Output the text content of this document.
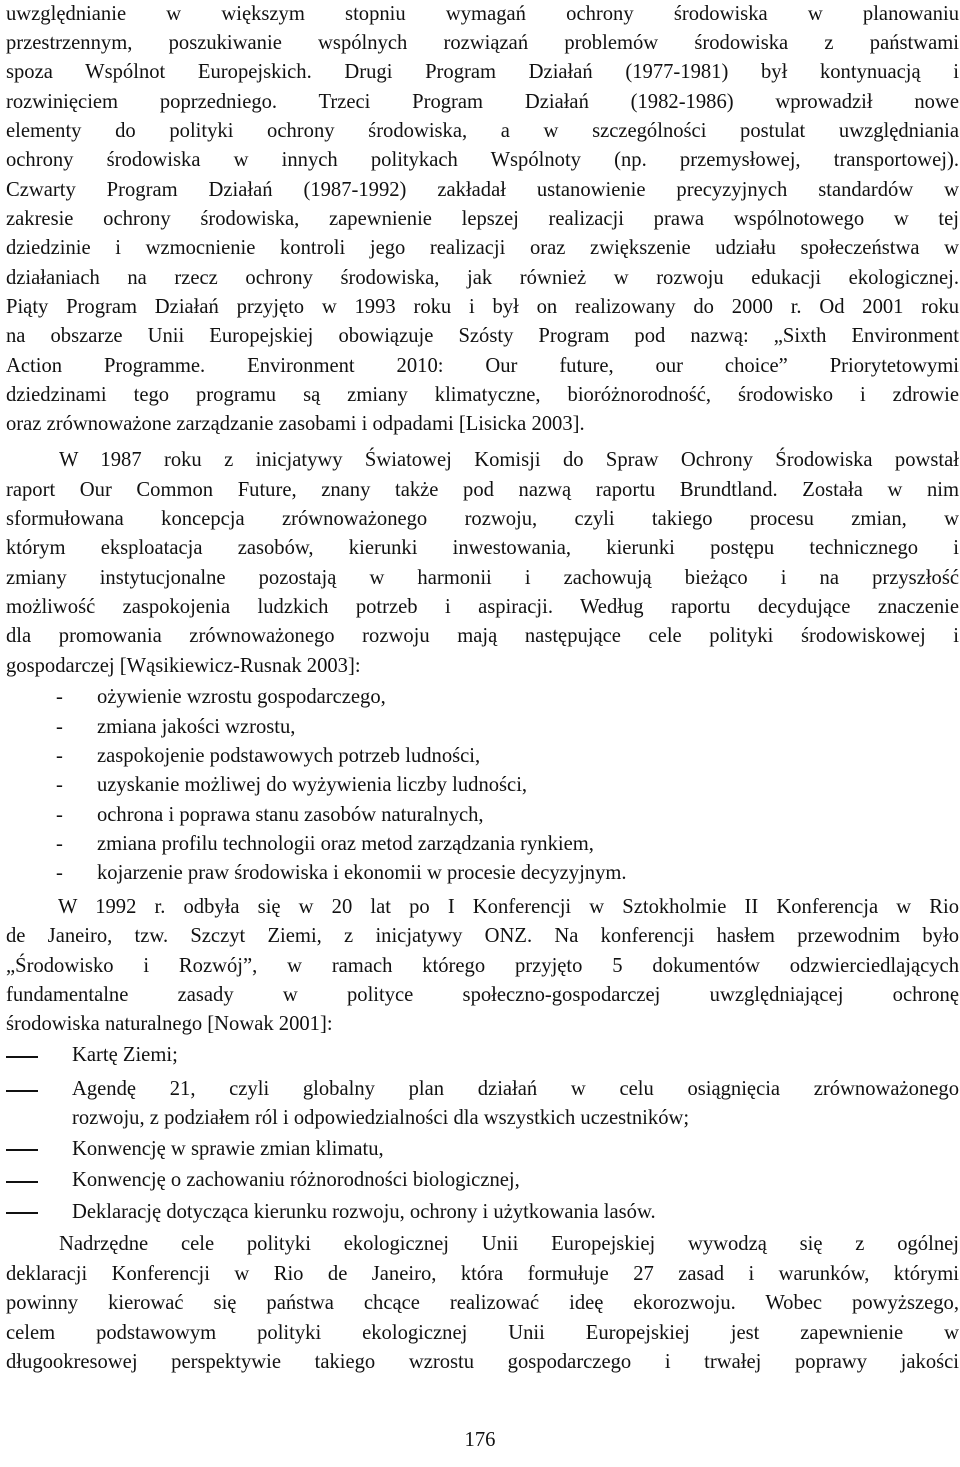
uwzględnianie w większym stopniu wymagań ochrony środowiska w planowaniu
przestrzennym, poszukiwanie wspólnych rozwiązań problemów środowiska z państwami
spoza Wspólnot Europejskich. Drugi Program Działań (1977-1981) był kontynuacją i
rozwinięciem poprzedniego. Trzeci Program Działań (1982-1986) wprowadził nowe
elementy do polityki ochrony środowiska, a w szczególności postulat uwzględniania
ochrony środowiska w innych politykach Wspólnoty (np. przemysłowej, transportowej).
Czwarty Program Działań (1987-1992) zakładał ustanowienie precyzyjnych standardów w
zakresie ochrony środowiska, zapewnienie lepszej realizacji prawa wspólnotowego w tej
dziedzinie i wzmocnienie kontroli jego realizacji oraz zwiększenie udziału społeczeństwa w
działaniach na rzecz ochrony środowiska, jak również w rozwoju edukacji ekologicznej.
Piąty Program Działań przyjęto w 1993 roku i był on realizowany do 2000 r. Od 2001 roku
na obszarze Unii Europejskiej obowiązuje Szósty Program pod nazwą: „Sixth Environment
Action Programme. Environment 2010: Our future, our choice” Priorytetowymi
dziedzinami tego programu są zmiany klimatyczne, bioróżnorodność, środowisko i zdrowie
oraz zrównoważone zarządzanie zasobami i odpadami [Lisicka 2003].
W 1987 roku z inicjatywy Światowej Komisji do Spraw Ochrony Środowiska powstał
raport Our Common Future, znany także pod nazwą raportu Brundtland. Została w nim
sformułowana koncepcja zrównoważonego rozwoju, czyli takiego procesu zmian, w
którym eksploatacja zasobów, kierunki inwestowania, kierunki postępu technicznego i
zmiany instytucjonalne pozostają w harmonii i zachowują bieżąco i na przyszłość
możliwość zaspokojenia ludzkich potrzeb i aspiracji. Według raportu decydujące znaczenie
dla promowania zrównoważonego rozwoju mają następujące cele polityki środowiskowej i
gospodarczej [Wąsikiewicz-Rusnak 2003]:
- ożywienie wzrostu gospodarczego,
- zmiana jakości wzrostu,
- zaspokojenie podstawowych potrzeb ludności,
- uzyskanie możliwej do wyżywienia liczby ludności,
- ochrona i poprawa stanu zasobów naturalnych,
- zmiana profilu technologii oraz metod zarządzania rynkiem,
- kojarzenie praw środowiska i ekonomii w procesie decyzyjnym.
W 1992 r. odbyła się w 20 lat po I Konferencji w Sztokholmie II Konferencja w Rio
de Janeiro, tzw. Szczyt Ziemi, z inicjatywy ONZ. Na konferencji hasłem przewodnim było
„Środowisko i Rozwój”, w ramach którego przyjęto 5 dokumentów odzwierciedlających
fundamentalne zasady w polityce społeczno-gospodarczej uwzględniającej ochronę
środowiska naturalnego [Nowak 2001]:
Kartę Ziemi;
Agendę 21, czyli globalny plan działań w celu osiągnięcia zrównoważonego
rozwoju, z podziałem ról i odpowiedzialności dla wszystkich uczestników;
Konwencję w sprawie zmian klimatu,
Konwencję o zachowaniu różnorodności biologicznej,
Deklarację dotycząca kierunku rozwoju, ochrony i użytkowania lasów.
Nadrzędne cele polityki ekologicznej Unii Europejskiej wywodzą się z ogólnej
deklaracji Konferencji w Rio de Janeiro, która formułuje 27 zasad i warunków, którymi
powinny kierować się państwa chcące realizować ideę ekorozwoju. Wobec powyższego,
celem podstawowym polityki ekologicznej Unii Europejskiej jest zapewnienie w
długookresowej perspektywie takiego wzrostu gospodarczego i trwałej poprawy jakości
176
